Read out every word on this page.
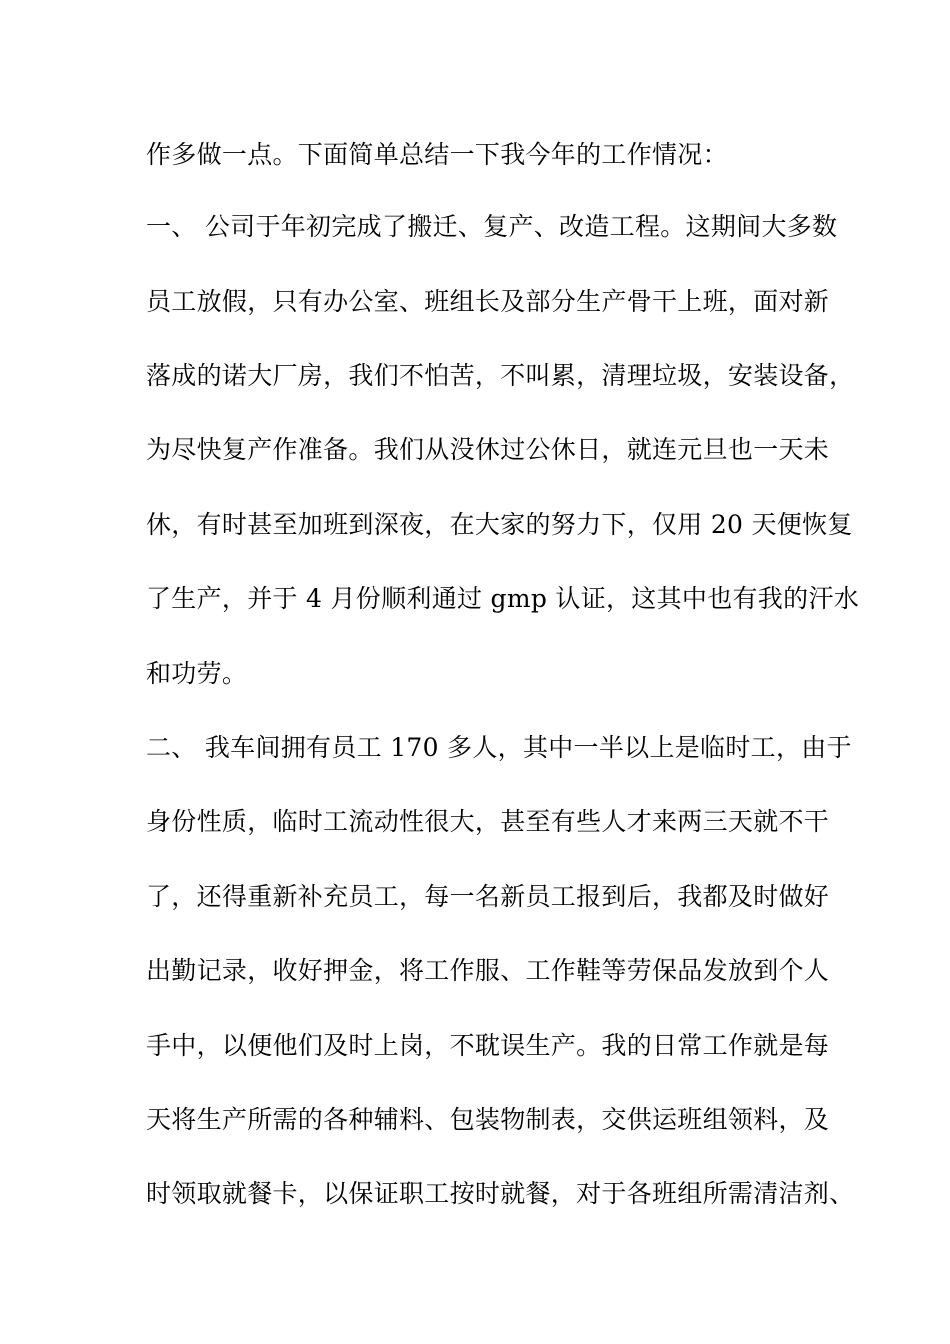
作多做一点。下面简单总结一下我今年的工作情况：
一、 公司于年初完成了搬迁、复产、改造工程。这期间大多数
员工放假，只有办公室、班组长及部分生产骨干上班，面对新
落成的诺大厂房，我们不怕苦，不叫累，清理垃圾，安装设备，
为尽快复产作准备。我们从没休过公休日，就连元旦也一天未
休，有时甚至加班到深夜，在大家的努力下，仅用 20 天便恢复
了生产，并于 4 月份顺利通过 gmp 认证，这其中也有我的汗水
和功劳。
二、 我车间拥有员工 170 多人，其中一半以上是临时工，由于
身份性质，临时工流动性很大，甚至有些人才来两三天就不干
了，还得重新补充员工，每一名新员工报到后，我都及时做好
出勤记录，收好押金，将工作服、工作鞋等劳保品发放到个人
手中，以便他们及时上岗，不耽误生产。我的日常工作就是每
天将生产所需的各种辅料、包装物制表，交供运班组领料，及
时领取就餐卡，以保证职工按时就餐，对于各班组所需清洁剂、
